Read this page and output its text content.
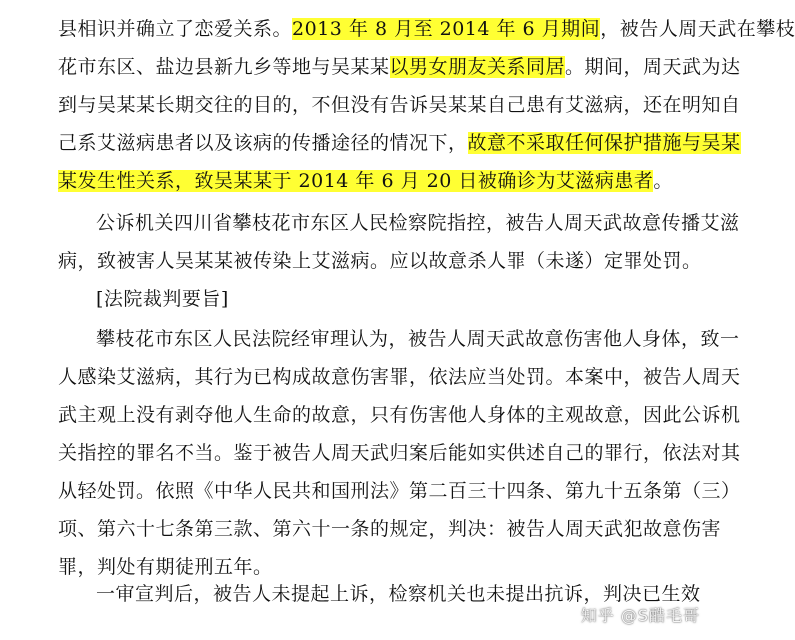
县相识并确立了恋爱关系。2013 年 8 月至 2014 年 6 月期间，被告人周天武在攀枝
花市东区、盐边县新九乡等地与吴某某以男女朋友关系同居。期间，周天武为达
到与吴某某长期交往的目的，不但没有告诉吴某某自己患有艾滋病，还在明知自
己系艾滋病患者以及该病的传播途径的情况下，故意不采取任何保护措施与吴某
某发生性关系，致吴某某于 2014 年 6 月 20 日被确诊为艾滋病患者。
公诉机关四川省攀枝花市东区人民检察院指控，被告人周天武故意传播艾滋
病，致被害人吴某某被传染上艾滋病。应以故意杀人罪（未遂）定罪处罚。
[法院裁判要旨]
攀枝花市东区人民法院经审理认为，被告人周天武故意伤害他人身体，致一
人感染艾滋病，其行为已构成故意伤害罪，依法应当处罚。本案中，被告人周天
武主观上没有剥夺他人生命的故意，只有伤害他人身体的主观故意，因此公诉机
关指控的罪名不当。鉴于被告人周天武归案后能如实供述自己的罪行，依法对其
从轻处罚。依照《中华人民共和国刑法》第二百三十四条、第九十五条第（三）
项、第六十七条第三款、第六十一条的规定，判决：被告人周天武犯故意伤害
罪，判处有期徒刑五年。
一审宣判后，被告人未提起上诉，检察机关也未提出抗诉，判决已生效
知乎 @S酷毛哥
